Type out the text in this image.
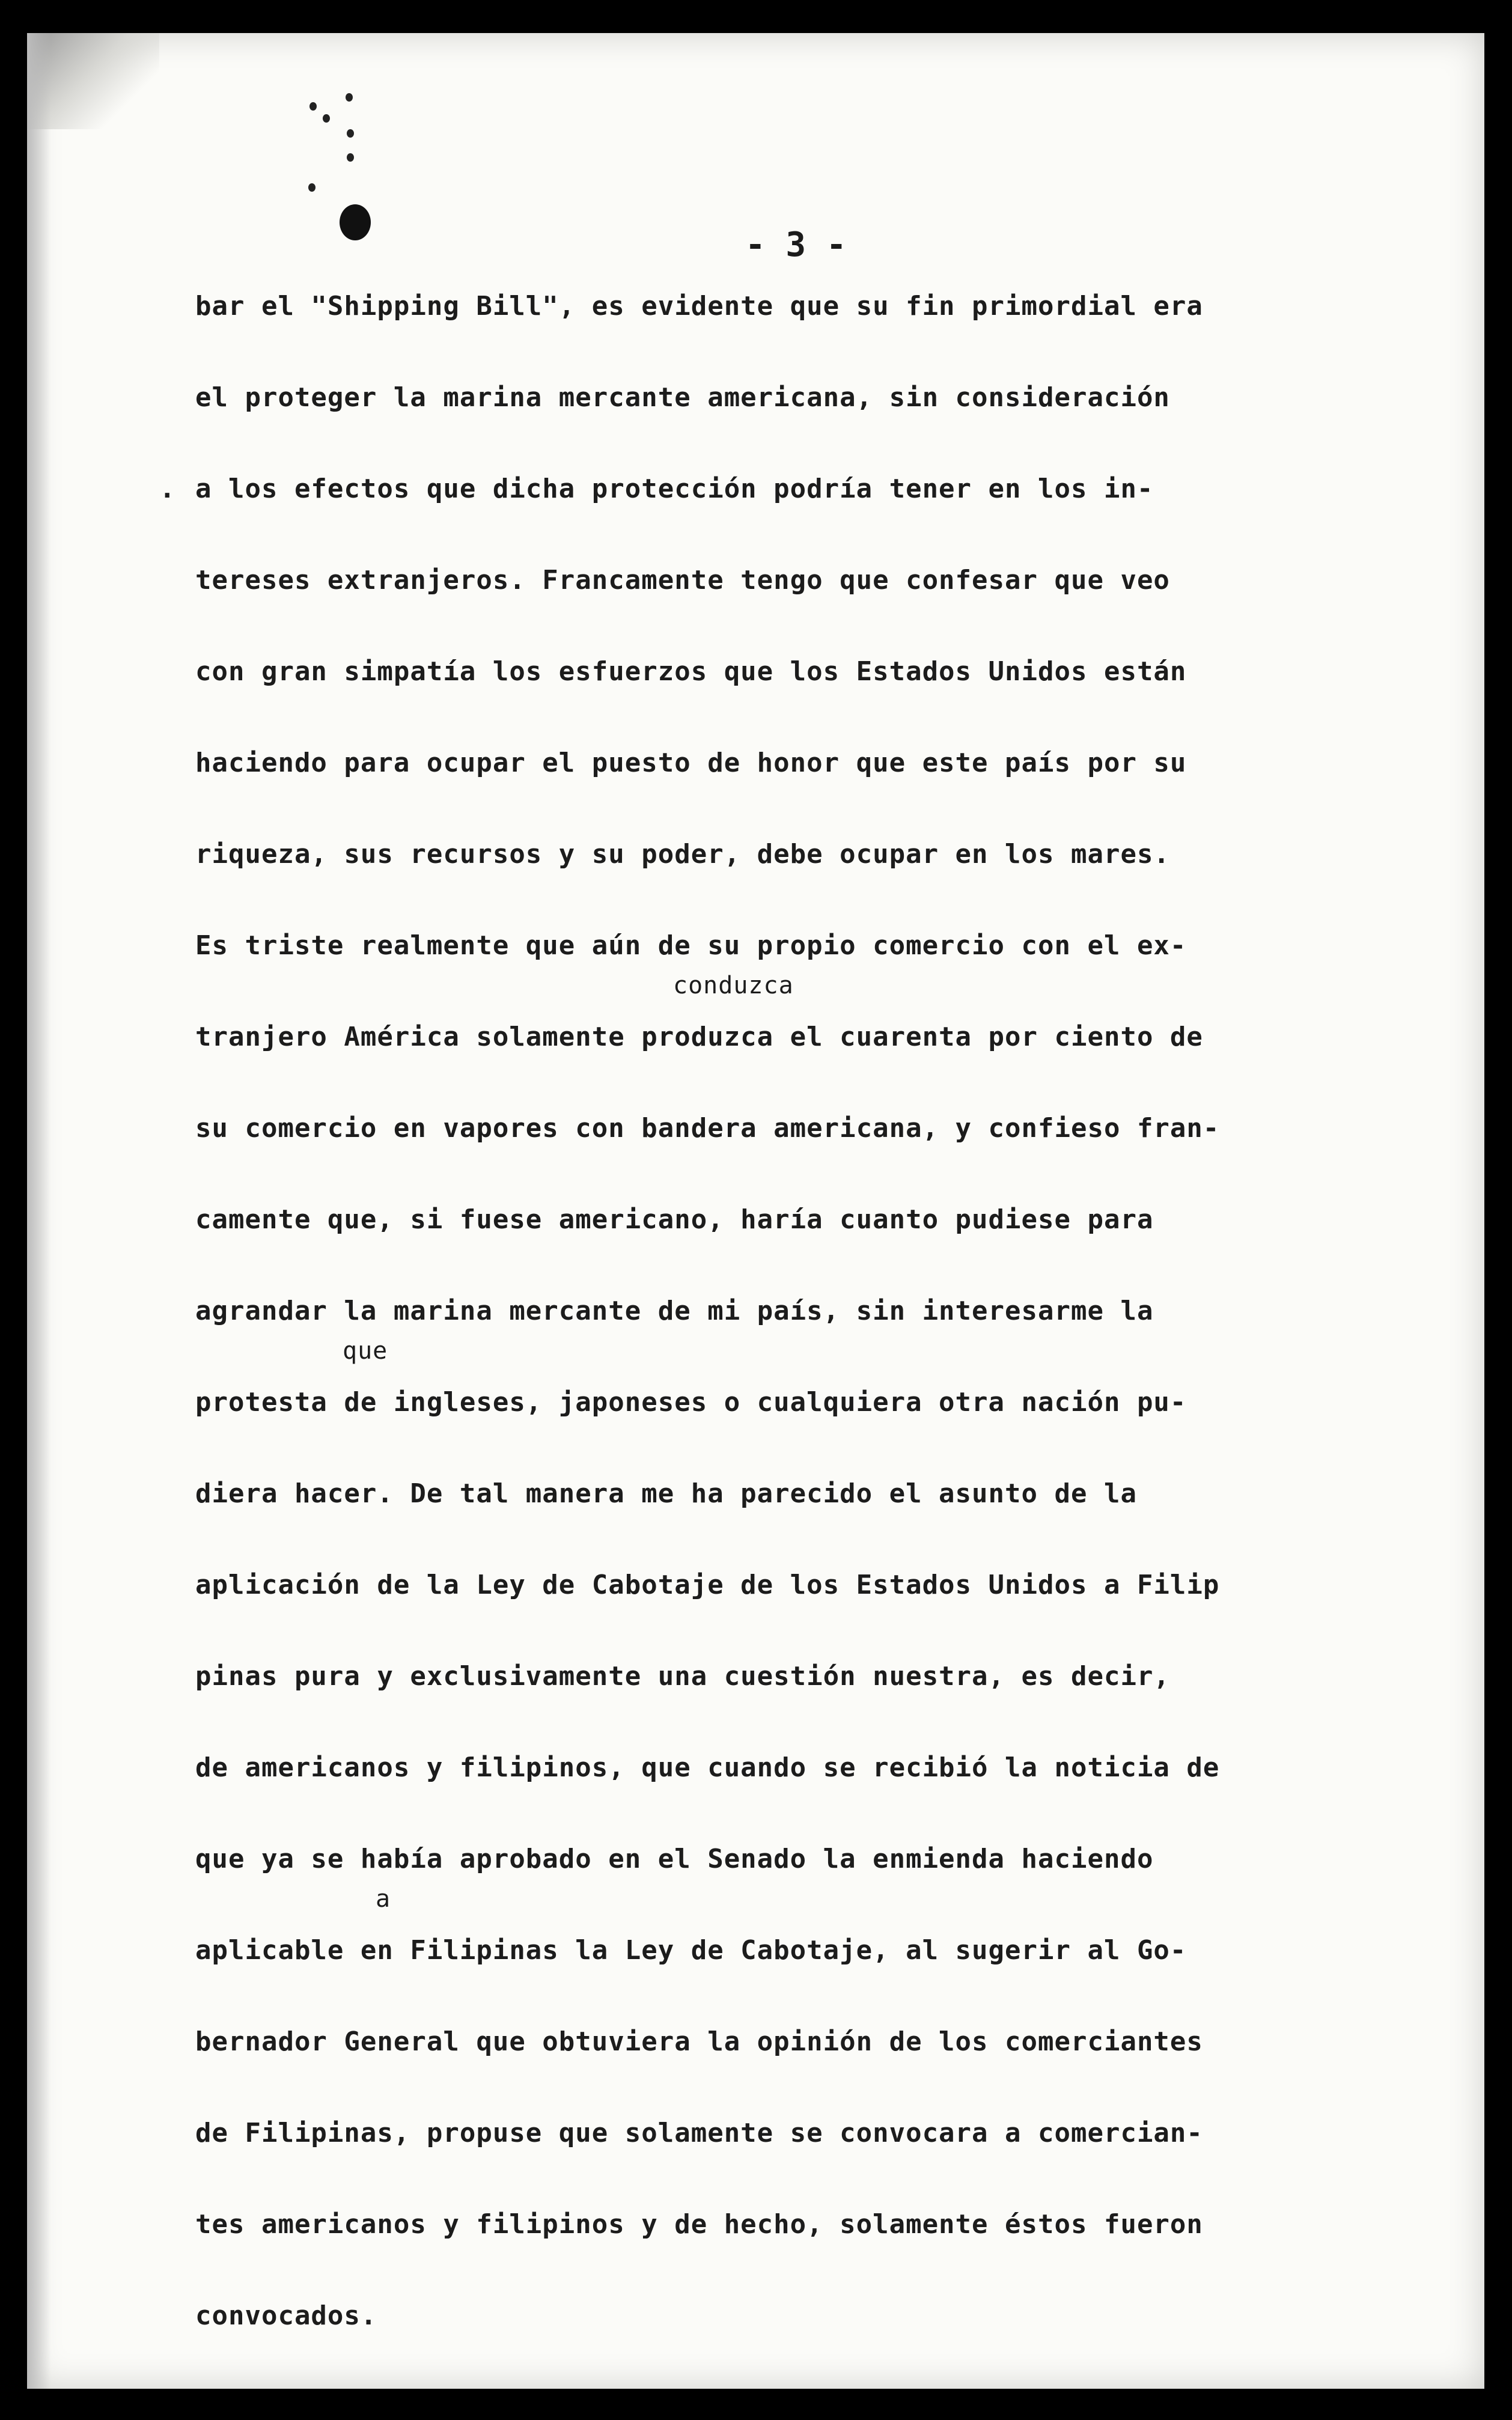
- 3 -
bar el "Shipping Bill", es evidente que su fin primordial era
el proteger la marina mercante americana, sin consideración
. a los efectos que dicha protección podría tener en los in-
tereses extranjeros. Francamente tengo que confesar que veo
con gran simpatía los esfuerzos que los Estados Unidos están
haciendo para ocupar el puesto de honor que este país por su
riqueza, sus recursos y su poder, debe ocupar en los mares.
Es triste realmente que aún de su propio comercio con el ex-
conduzca
tranjero América solamente produzca el cuarenta por ciento de
su comercio en vapores con bandera americana, y confieso fran-
camente que, si fuese americano, haría cuanto pudiese para
agrandar la marina mercante de mi país, sin interesarme la
que
protesta de ingleses, japoneses o cualquiera otra nación pu-
diera hacer. De tal manera me ha parecido el asunto de la
aplicación de la Ley de Cabotaje de los Estados Unidos a Filip
pinas pura y exclusivamente una cuestión nuestra, es decir,
de americanos y filipinos, que cuando se recibió la noticia de
que ya se había aprobado en el Senado la enmienda haciendo
a
aplicable en Filipinas la Ley de Cabotaje, al sugerir al Go-
bernador General que obtuviera la opinión de los comerciantes
de Filipinas, propuse que solamente se convocara a comercian-
tes americanos y filipinos y de hecho, solamente éstos fueron
convocados.
